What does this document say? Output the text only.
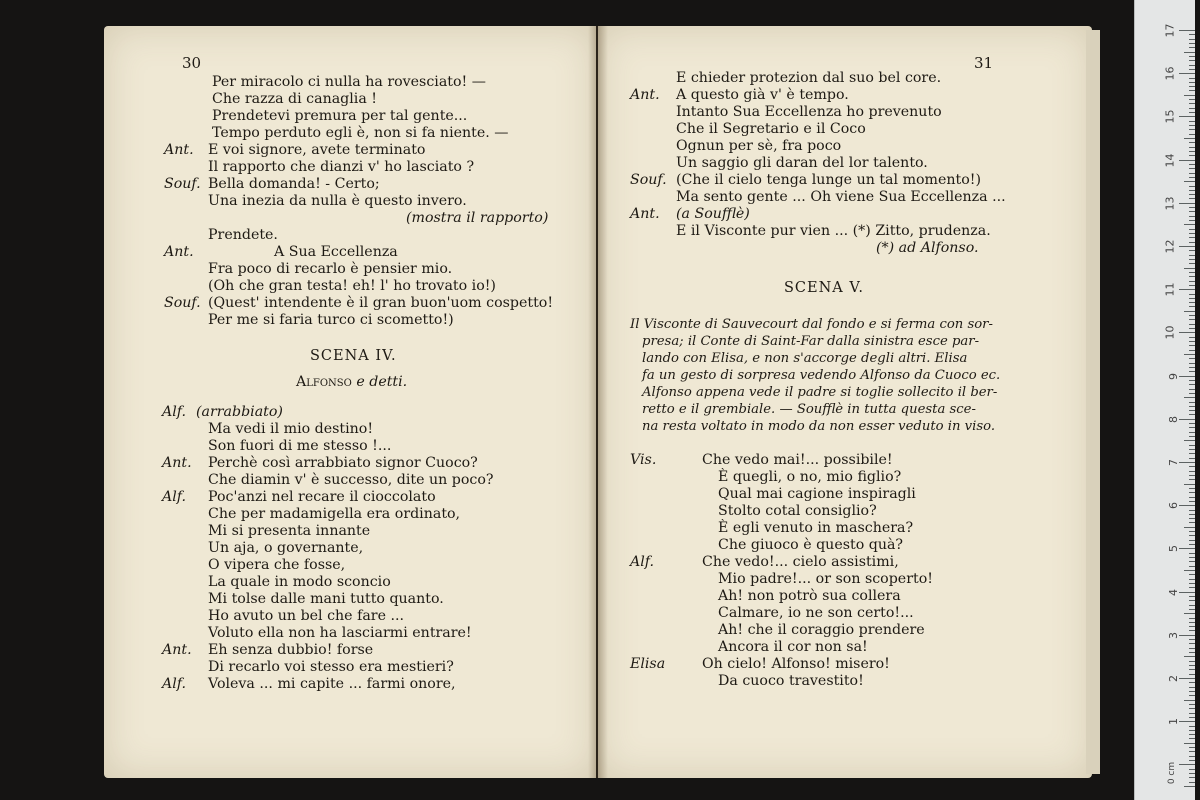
30
Per miracolo ci nulla ha rovesciato! —
Che razza di canaglia !
Prendetevi premura per tal gente...
Tempo perduto egli è, non si fa niente. —
Ant. E voi signore, avete terminato
Il rapporto che dianzi v' ho lasciato ?
Souf. Bella domanda! - Certo;
Una inezia da nulla è questo invero.
(mostra il rapporto)
Prendete.
Ant.	A Sua Eccellenza
Fra poco di recarlo è pensier mio.
(Oh che gran testa! eh! l' ho trovato io!)
Souf. (Quest' intendente è il gran buon'uom cospetto!
Per me si faria turco ci scometto!)
SCENA IV.
Alfonso e detti.
Alf. (arrabbiato)
Ma vedi il mio destino!
Son fuori di me stesso !...
Ant. Perchè così arrabbiato signor Cuoco?
Che diamin v' è successo, dite un poco?
Alf. Poc'anzi nel recare il cioccolato
Che per madamigella era ordinato,
Mi si presenta innante
Un aja, o governante,
O vipera che fosse,
La quale in modo sconcio
Mi tolse dalle mani tutto quanto.
Ho avuto un bel che fare ...
Voluto ella non ha lasciarmi entrare!
Ant. Eh senza dubbio! forse
Di recarlo voi stesso era mestieri?
Alf. Voleva ... mi capite ... farmi onore,
31
E chieder protezion dal suo bel core.
Ant. A questo già v' è tempo.
Intanto Sua Eccellenza ho prevenuto
Che il Segretario e il Coco
Ognun per sè, fra poco
Un saggio gli daran del lor talento.
Souf. (Che il cielo tenga lunge un tal momento!)
Ma sento gente ... Oh viene Sua Eccellenza ...
Ant. (a Soufflè)
E il Visconte pur vien ... (*) Zitto, prudenza.
(*) ad Alfonso.
SCENA V.
Il Visconte di Sauvecourt dal fondo e si ferma con sor-
presa; il Conte di Saint-Far dalla sinistra esce par-
lando con Elisa, e non s'accorge degli altri. Elisa
fa un gesto di sorpresa vedendo Alfonso da Cuoco ec.
Alfonso appena vede il padre si toglie sollecito il ber-
retto e il grembiale. — Soufflè in tutta questa sce-
na resta voltato in modo da non esser veduto in viso.
Vis.	Che vedo mai!... possibile!
È quegli, o no, mio figlio?
Qual mai cagione inspiragli
Stolto cotal consiglio?
È egli venuto in maschera?
Che giuoco è questo quà?
Alf.	Che vedo!... cielo assistimi,
Mio padre!... or son scoperto!
Ah! non potrò sua collera
Calmare, io ne son certo!...
Ah! che il coraggio prendere
Ancora il cor non sa!
Elisa	Oh cielo! Alfonso! misero!
Da cuoco travestito!
0 cm
17
16
15
14
13
12
11
10
9
8
7
6
5
4
3
2
1
